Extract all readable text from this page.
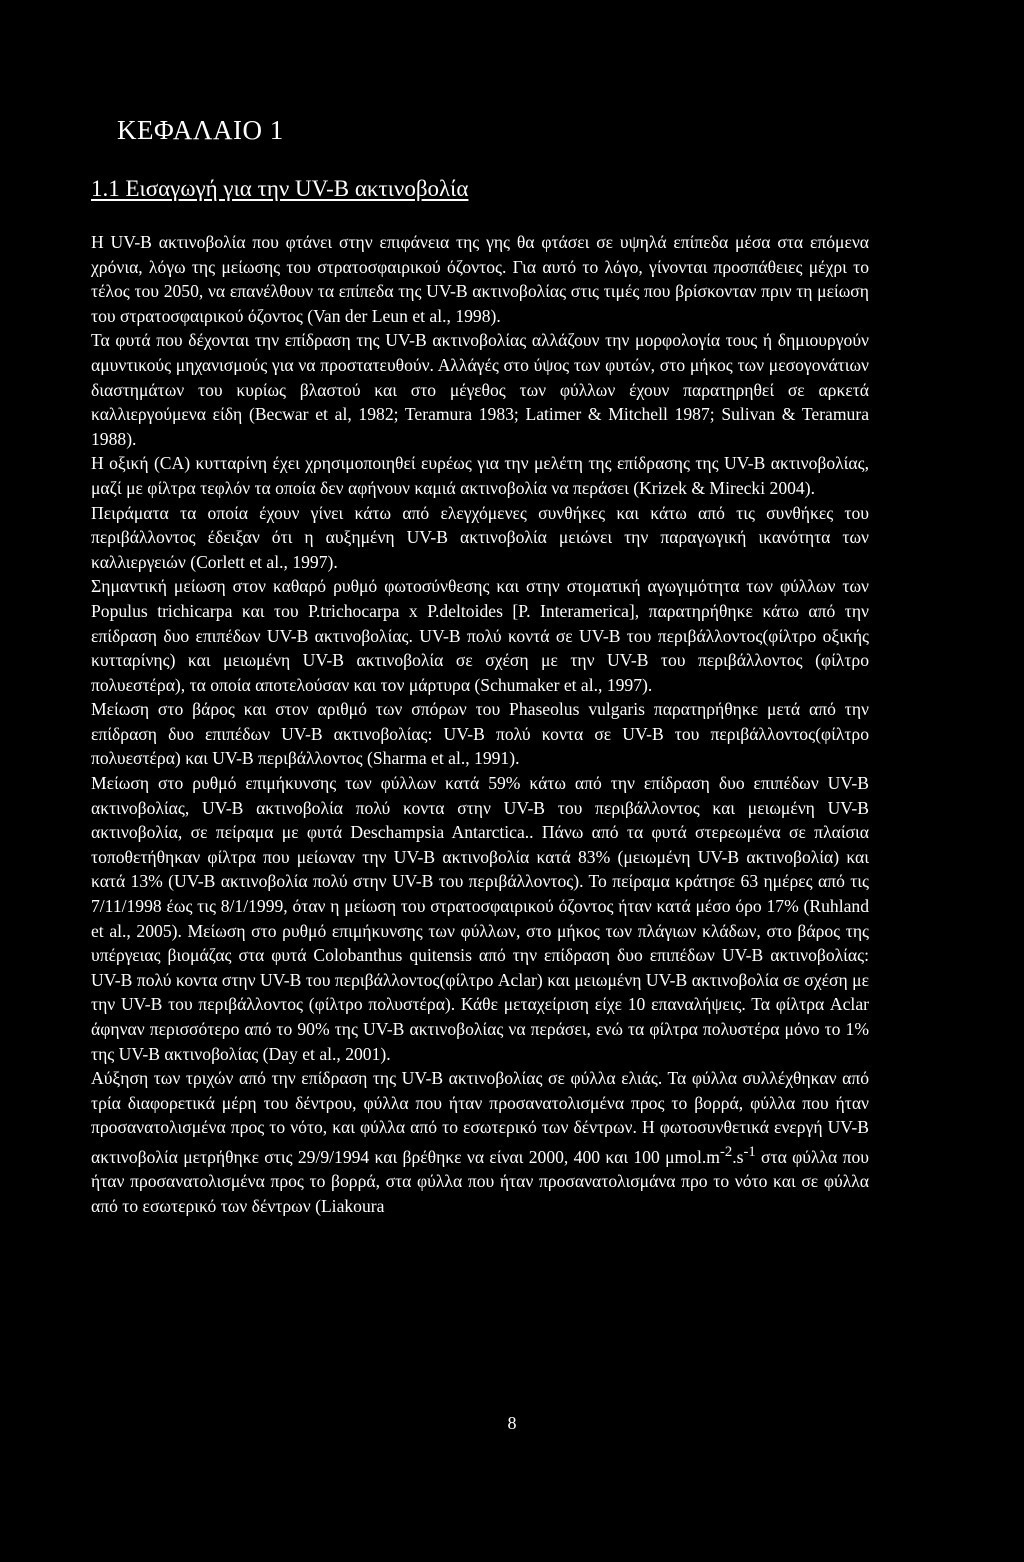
ΚΕΦΑΛΑΙΟ 1
1.1 Εισαγωγή για την UV-B ακτινοβολία

Η UV-B ακτινοβολία που φτάνει στην επιφάνεια της γης θα φτάσει σε υψηλά επίπεδα μέσα στα επόμενα χρόνια, λόγω της μείωσης του στρατοσφαιρικού όζοντος. Για αυτό το λόγο, γίνονται προσπάθειες μέχρι το τέλος του 2050, να επανέλθουν τα επίπεδα της UV-B ακτινοβολίας στις τιμές που βρίσκονταν πριν τη μείωση του στρατοσφαιρικού όζοντος (Van der Leun et al., 1998).

Τα φυτά που δέχονται την επίδραση της UV-B ακτινοβολίας αλλάζουν την μορφολογία τους ή δημιουργούν αμυντικούς μηχανισμούς για να προστατευθούν. Αλλάγές στο ύψος των φυτών, στο μήκος των μεσογονάτιων διαστημάτων του κυρίως βλαστού και στο μέγεθος των φύλλων έχουν παρατηρηθεί σε αρκετά καλλιεργούμενα είδη (Becwar et al, 1982; Teramura 1983; Latimer & Mitchell 1987; Sulivan & Teramura 1988).

Η οξική (CA) κυτταρίνη έχει χρησιμοποιηθεί ευρέως για την μελέτη της επίδρασης της UV-B ακτινοβολίας, μαζί με φίλτρα τεφλόν τα οποία δεν αφήνουν καμιά ακτινοβολία να περάσει (Krizek & Mirecki 2004).

Πειράματα τα οποία έχουν γίνει κάτω από ελεγχόμενες συνθήκες και κάτω από τις συνθήκες του περιβάλλοντος έδειξαν ότι η αυξημένη UV-B ακτινοβολία μειώνει την παραγωγική ικανότητα των καλλιεργειών (Corlett et al., 1997).

Σημαντική μείωση στον καθαρό ρυθμό φωτοσύνθεσης και στην στοματική αγωγιμότητα των φύλλων των Populus trichicarpa και του P.trichocarpa x P.deltoides [P. Interamerica], παρατηρήθηκε κάτω από την επίδραση δυο επιπέδων UV-B ακτινοβολίας. UV-B πολύ κοντά σε UV-B του περιβάλλοντος(φίλτρο οξικής κυτταρίνης) και μειωμένη UV-B ακτινοβολία σε σχέση με την UV-B του περιβάλλοντος (φίλτρο πολυεστέρα), τα οποία αποτελούσαν και τον μάρτυρα (Schumaker et al., 1997).

Μείωση στο βάρος και στον αριθμό των σπόρων του Phaseolus vulgaris παρατηρήθηκε μετά από την επίδραση δυο επιπέδων UV-B ακτινοβολίας: UV-B πολύ κοντα σε UV-B του περιβάλλοντος(φίλτρο πολυεστέρα) και UV-B περιβάλλοντος (Sharma et al., 1991).

Μείωση στο ρυθμό επιμήκυνσης των φύλλων κατά 59% κάτω από την επίδραση δυο επιπέδων UV-B ακτινοβολίας, UV-B ακτινοβολία πολύ κοντα στην UV-B του περιβάλλοντος και μειωμένη UV-B ακτινοβολία, σε πείραμα με φυτά Deschampsia Antarctica.. Πάνω από τα φυτά στερεωμένα σε πλαίσια τοποθετήθηκαν φίλτρα που μείωναν την UV-B ακτινοβολία κατά 83% (μειωμένη UV-B ακτινοβολία) και κατά 13% (UV-B ακτινοβολία πολύ στην UV-B του περιβάλλοντος). Το πείραμα κράτησε 63 ημέρες από τις 7/11/1998 έως τις 8/1/1999, όταν η μείωση του στρατοσφαιρικού όζοντος ήταν κατά μέσο όρο 17% (Ruhland et al., 2005). Μείωση στο ρυθμό επιμήκυνσης των φύλλων, στο μήκος των πλάγιων κλάδων, στο βάρος της υπέργειας βιομάζας στα φυτά Colobanthus quitensis από την επίδραση δυο επιπέδων UV-B ακτινοβολίας: UV-B πολύ κοντα στην UV-B του περιβάλλοντος(φίλτρο Aclar) και μειωμένη UV-B ακτινοβολία σε σχέση με την UV-B του περιβάλλοντος (φίλτρο πολυστέρα). Κάθε μεταχείριση είχε 10 επαναλήψεις. Τα φίλτρα Aclar άφηναν περισσότερο από το 90% της UV-B ακτινοβολίας να περάσει, ενώ τα φίλτρα πολυστέρα μόνο το 1% της UV-B ακτινοβολίας (Day et al., 2001).

Αύξηση των τριχών από την επίδραση της UV-B ακτινοβολίας σε φύλλα ελιάς. Τα φύλλα συλλέχθηκαν από τρία διαφορετικά μέρη του δέντρου, φύλλα που ήταν προσανατολισμένα προς το βορρά, φύλλα που ήταν προσανατολισμένα προς το νότο, και φύλλα από το εσωτερικό των δέντρων. Η φωτοσυνθετικά ενεργή UV-B ακτινοβολία μετρήθηκε στις 29/9/1994 και βρέθηκε να είναι 2000, 400 και 100 $\mu mol.m^{-2}.s^{-1}$ στα φύλλα που ήταν προσανατολισμένα προς το βορρά, στα φύλλα που ήταν προσανατολισμάνα προ το νότο και σε φύλλα από το εσωτερικό των δέντρων (Liakoura

8
